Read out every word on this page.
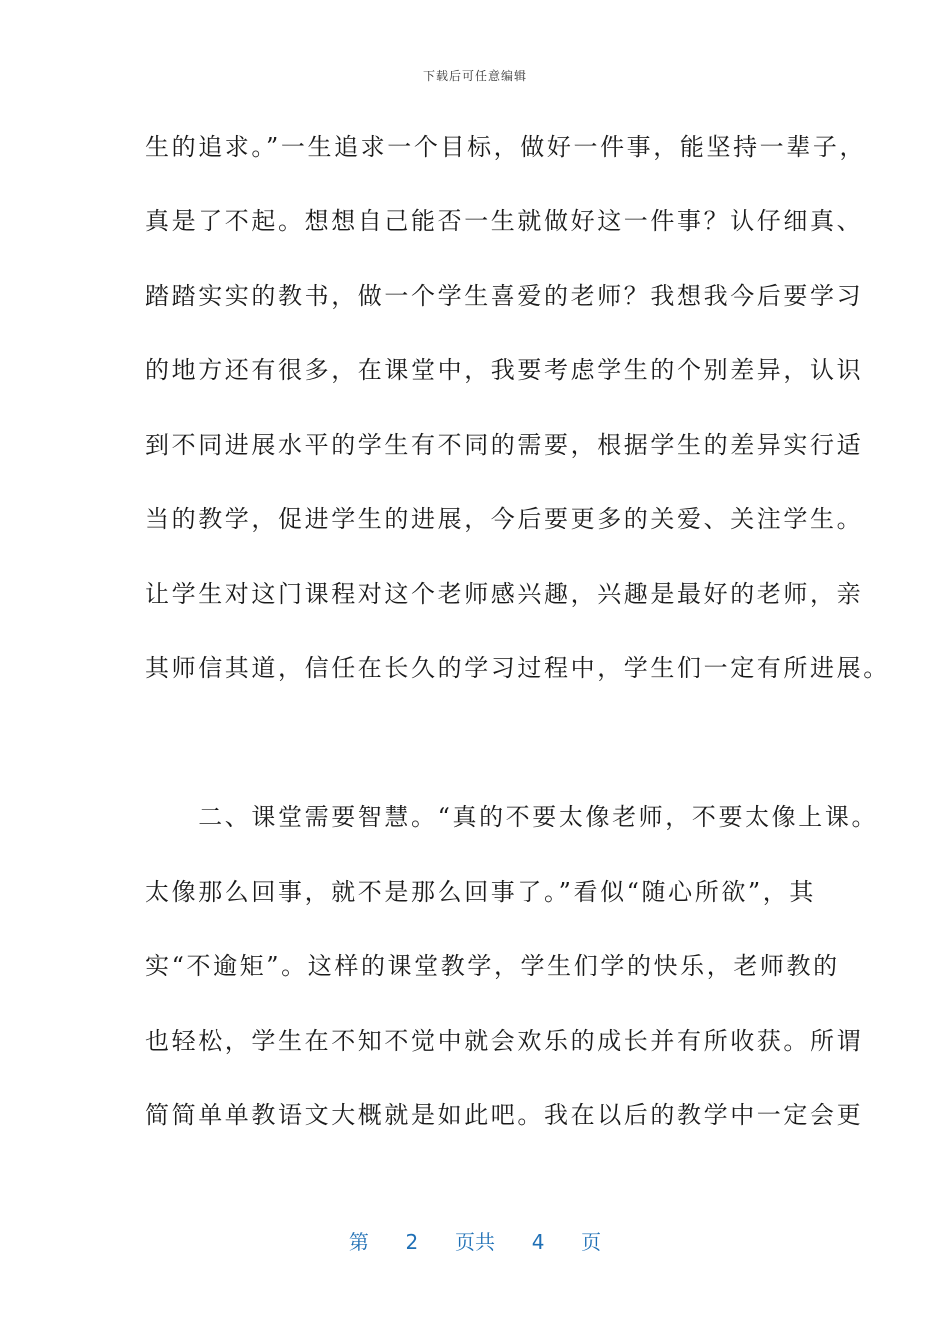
下载后可任意编辑
生的追求。”一生追求一个目标，做好一件事，能坚持一辈子，
真是了不起。想想自己能否一生就做好这一件事？认仔细真、
踏踏实实的教书，做一个学生喜爱的老师？我想我今后要学习
的地方还有很多，在课堂中，我要考虑学生的个别差异，认识
到不同进展水平的学生有不同的需要，根据学生的差异实行适
当的教学，促进学生的进展，今后要更多的关爱、关注学生。
让学生对这门课程对这个老师感兴趣，兴趣是最好的老师，亲
其师信其道，信任在长久的学习过程中，学生们一定有所进展。
　　二、课堂需要智慧。“真的不要太像老师，不要太像上课。
太像那么回事，就不是那么回事了。”看似“随心所欲”，其
实“不逾矩”。这样的课堂教学，学生们学的快乐，老师教的
也轻松，学生在不知不觉中就会欢乐的成长并有所收获。所谓
简简单单教语文大概就是如此吧。我在以后的教学中一定会更
第 2 页共 4 页
